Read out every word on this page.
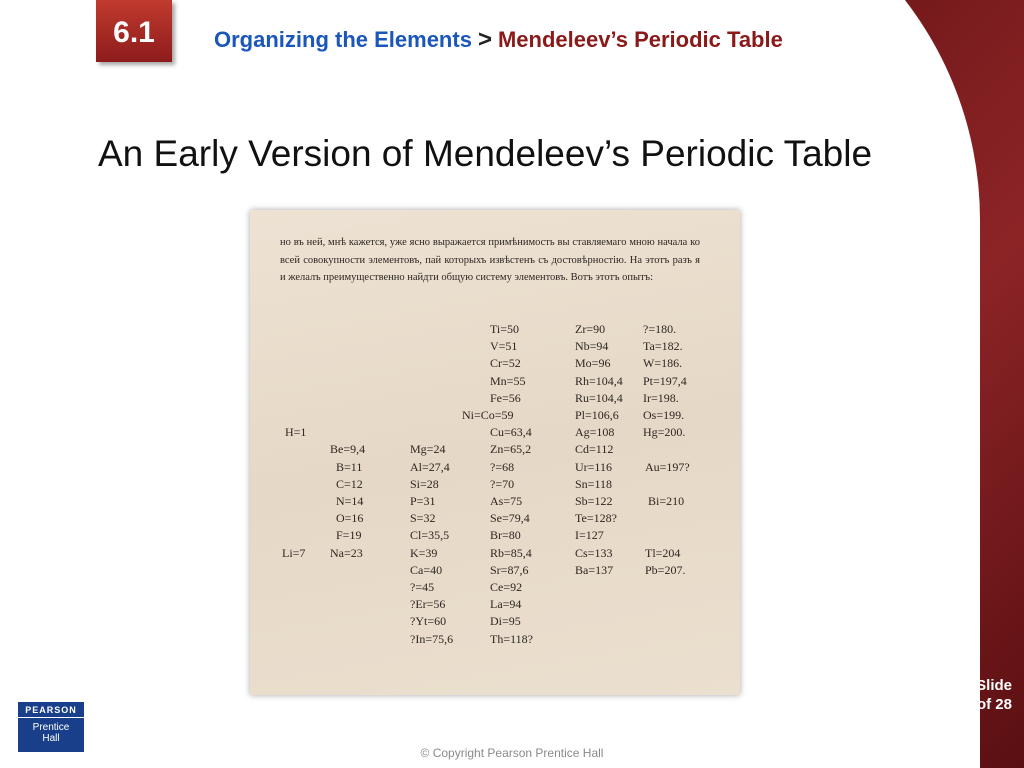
6.1	Organizing the Elements > Mendeleev’s Periodic Table
An Early Version of Mendeleev’s Periodic Table
но въ ней, мнѣ кажется, уже ясно выражается примѣнимость вы ставляемаго мною начала ко всей совокупности элементовъ, пай которыхъ извѣстенъ съ достовѣрностію. На этотъ разъ я и желалъ преимущественно найдти общую систему элементовъ. Вотъ этотъ опытъ:
Ti=50
V=51
Cr=52
Mn=55
Fe=56
Ni=Co=59
Cu=63,4
Zn=65,2
?=68
?=70
As=75
Se=79,4
Br=80
Rb=85,4
Sr=87,6
Ce=92
La=94
Di=95
Th=118?
Zr=90
Nb=94
Mo=96
Rh=104,4
Ru=104,4
Pl=106,6
Ag=108
Cd=112
Ur=116
Sn=118
Sb=122
Te=128?
I=127
Cs=133
Ba=137
?=180.
Ta=182.
W=186.
Pt=197,4
Ir=198.
Os=199.
Hg=200.
Au=197?
Bi=210
Tl=204
Pb=207.
H=1
Be=9,4
B=11
C=12
N=14
O=16
F=19
Li=7 Na=23
Mg=24
Al=27,4
Si=28
P=31
S=32
Cl=35,5
K=39
Ca=40
?=45
?Er=56
?Yt=60
?In=75,6
Slide
8 of 28
PEARSON
Prentice
Hall
© Copyright Pearson Prentice Hall
